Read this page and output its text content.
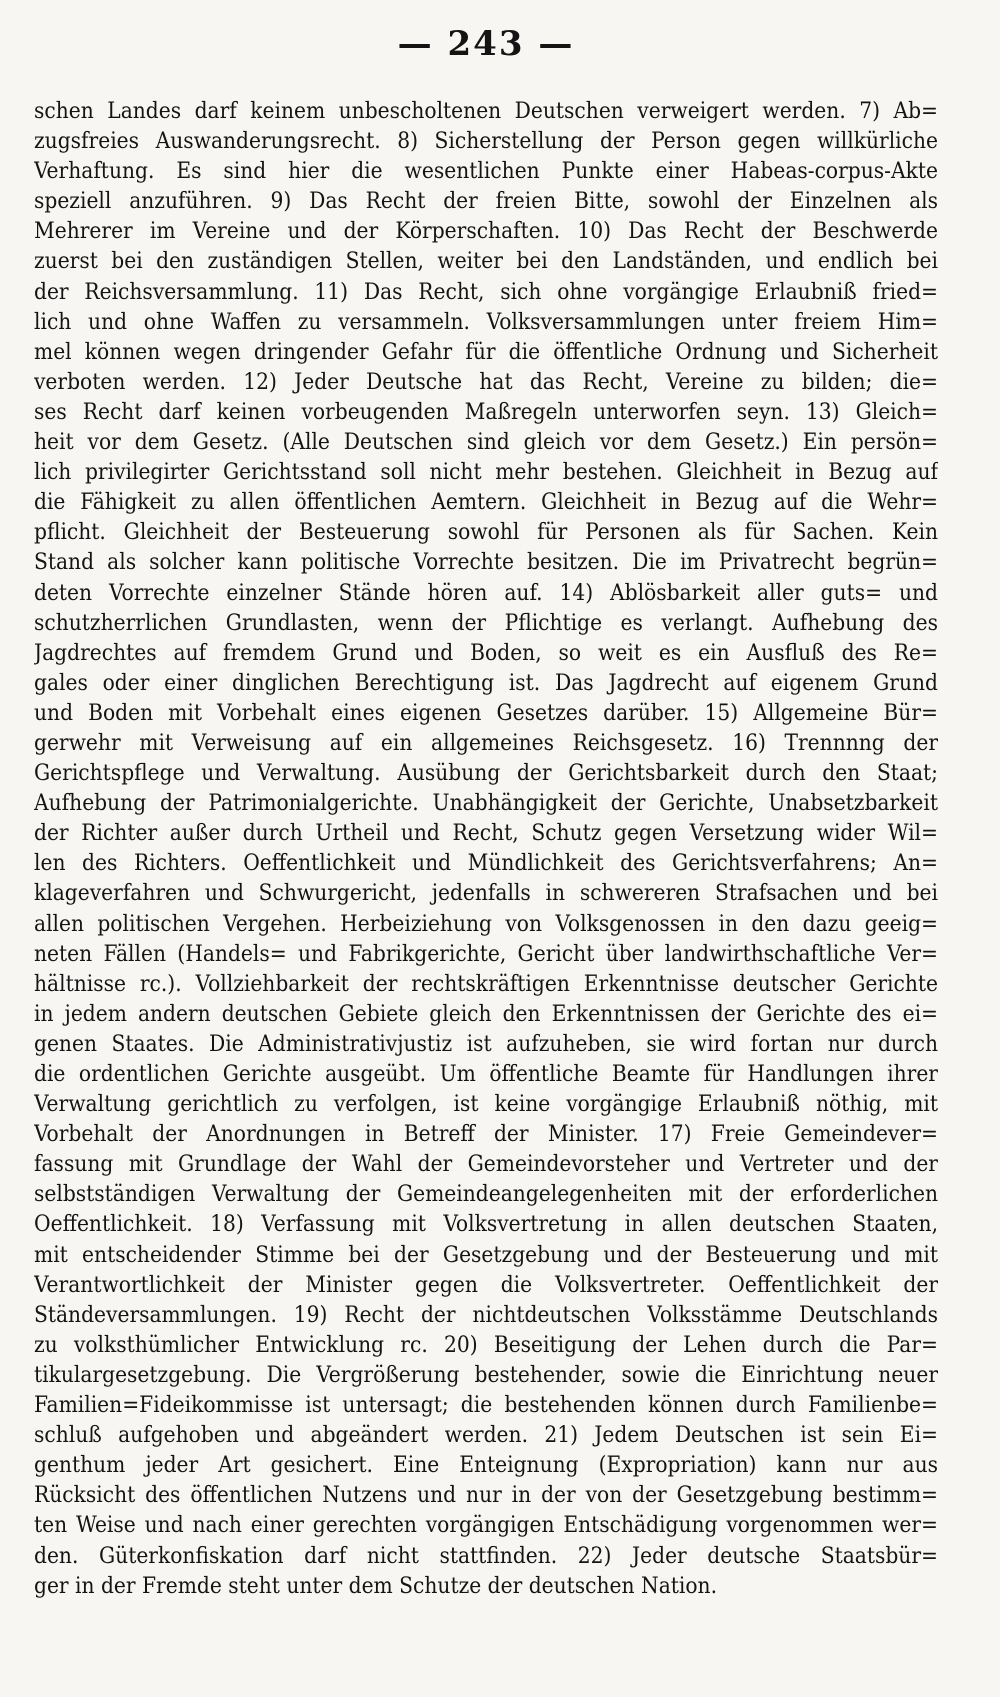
— 243 —
schen Landes darf keinem unbescholtenen Deutschen verweigert werden. 7) Ab=
zugsfreies Auswanderungsrecht. 8) Sicherstellung der Person gegen willkürliche
Verhaftung. Es sind hier die wesentlichen Punkte einer Habeas-corpus-Akte
speziell anzuführen. 9) Das Recht der freien Bitte, sowohl der Einzelnen als
Mehrerer im Vereine und der Körperschaften. 10) Das Recht der Beschwerde
zuerst bei den zuständigen Stellen, weiter bei den Landständen, und endlich bei
der Reichsversammlung. 11) Das Recht, sich ohne vorgängige Erlaubniß fried=
lich und ohne Waffen zu versammeln. Volksversammlungen unter freiem Him=
mel können wegen dringender Gefahr für die öffentliche Ordnung und Sicherheit
verboten werden. 12) Jeder Deutsche hat das Recht, Vereine zu bilden; die=
ses Recht darf keinen vorbeugenden Maßregeln unterworfen seyn. 13) Gleich=
heit vor dem Gesetz. (Alle Deutschen sind gleich vor dem Gesetz.) Ein persön=
lich privilegirter Gerichtsstand soll nicht mehr bestehen. Gleichheit in Bezug auf
die Fähigkeit zu allen öffentlichen Aemtern. Gleichheit in Bezug auf die Wehr=
pflicht. Gleichheit der Besteuerung sowohl für Personen als für Sachen. Kein
Stand als solcher kann politische Vorrechte besitzen. Die im Privatrecht begrün=
deten Vorrechte einzelner Stände hören auf. 14) Ablösbarkeit aller guts= und
schutzherrlichen Grundlasten, wenn der Pflichtige es verlangt. Aufhebung des
Jagdrechtes auf fremdem Grund und Boden, so weit es ein Ausfluß des Re=
gales oder einer dinglichen Berechtigung ist. Das Jagdrecht auf eigenem Grund
und Boden mit Vorbehalt eines eigenen Gesetzes darüber. 15) Allgemeine Bür=
gerwehr mit Verweisung auf ein allgemeines Reichsgesetz. 16) Trennnng der
Gerichtspflege und Verwaltung. Ausübung der Gerichtsbarkeit durch den Staat;
Aufhebung der Patrimonialgerichte. Unabhängigkeit der Gerichte, Unabsetzbarkeit
der Richter außer durch Urtheil und Recht, Schutz gegen Versetzung wider Wil=
len des Richters. Oeffentlichkeit und Mündlichkeit des Gerichtsverfahrens; An=
klageverfahren und Schwurgericht, jedenfalls in schwereren Strafsachen und bei
allen politischen Vergehen. Herbeiziehung von Volksgenossen in den dazu geeig=
neten Fällen (Handels= und Fabrikgerichte, Gericht über landwirthschaftliche Ver=
hältnisse rc.). Vollziehbarkeit der rechtskräftigen Erkenntnisse deutscher Gerichte
in jedem andern deutschen Gebiete gleich den Erkenntnissen der Gerichte des ei=
genen Staates. Die Administrativjustiz ist aufzuheben, sie wird fortan nur durch
die ordentlichen Gerichte ausgeübt. Um öffentliche Beamte für Handlungen ihrer
Verwaltung gerichtlich zu verfolgen, ist keine vorgängige Erlaubniß nöthig, mit
Vorbehalt der Anordnungen in Betreff der Minister. 17) Freie Gemeindever=
fassung mit Grundlage der Wahl der Gemeindevorsteher und Vertreter und der
selbstständigen Verwaltung der Gemeindeangelegenheiten mit der erforderlichen
Oeffentlichkeit. 18) Verfassung mit Volksvertretung in allen deutschen Staaten,
mit entscheidender Stimme bei der Gesetzgebung und der Besteuerung und mit
Verantwortlichkeit der Minister gegen die Volksvertreter. Oeffentlichkeit der
Ständeversammlungen. 19) Recht der nichtdeutschen Volksstämme Deutschlands
zu volksthümlicher Entwicklung rc. 20) Beseitigung der Lehen durch die Par=
tikulargesetzgebung. Die Vergrößerung bestehender, sowie die Einrichtung neuer
Familien=Fideikommisse ist untersagt; die bestehenden können durch Familienbe=
schluß aufgehoben und abgeändert werden. 21) Jedem Deutschen ist sein Ei=
genthum jeder Art gesichert. Eine Enteignung (Expropriation) kann nur aus
Rücksicht des öffentlichen Nutzens und nur in der von der Gesetzgebung bestimm=
ten Weise und nach einer gerechten vorgängigen Entschädigung vorgenommen wer=
den. Güterkonfiskation darf nicht stattfinden. 22) Jeder deutsche Staatsbür=
ger in der Fremde steht unter dem Schutze der deutschen Nation.
